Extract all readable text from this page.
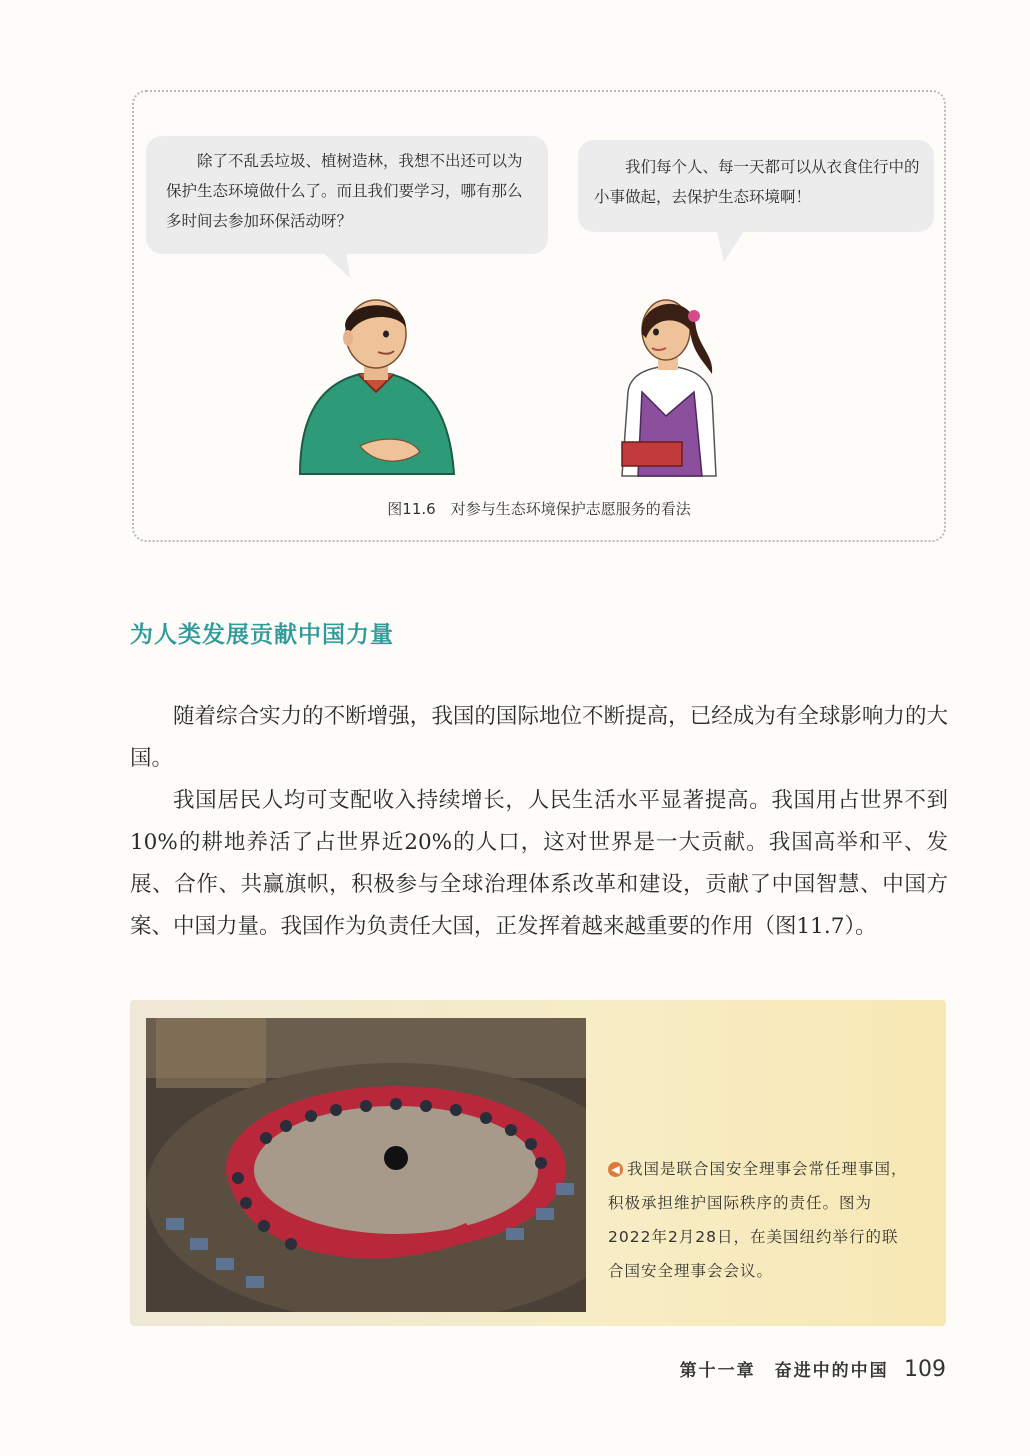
除了不乱丢垃圾、植树造林，我想不出还可以为保护生态环境做什么了。而且我们要学习，哪有那么多时间去参加环保活动呀？
我们每个人、每一天都可以从衣食住行中的小事做起，去保护生态环境啊！
图11.6　对参与生态环境保护志愿服务的看法
为人类发展贡献中国力量

随着综合实力的不断增强，我国的国际地位不断提高，已经成为有全球影响力的大国。

我国居民人均可支配收入持续增长，人民生活水平显著提高。我国用占世界不到10%的耕地养活了占世界近20%的人口，这对世界是一大贡献。我国高举和平、发展、合作、共赢旗帜，积极参与全球治理体系改革和建设，贡献了中国智慧、中国方案、中国力量。我国作为负责任大国，正发挥着越来越重要的作用（图11.7）。

◀ 我国是联合国安全理事会常任理事国，积极承担维护国际秩序的责任。图为2022年2月28日，在美国纽约举行的联合国安全理事会会议。
第十一章　奋进中的中国 109
